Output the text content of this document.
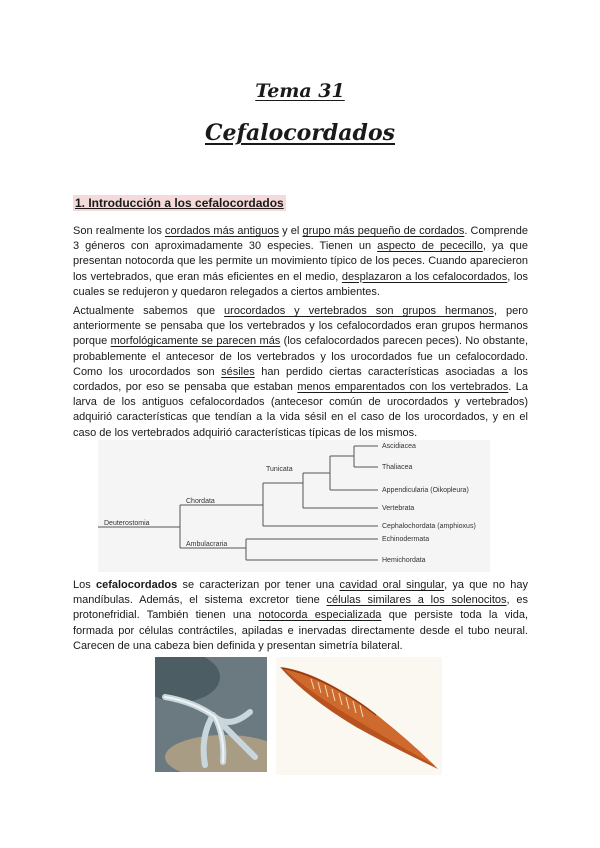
Tema 31
Cefalocordados
1. Introducción a los cefalocordados

Son realmente los cordados más antiguos y el grupo más pequeño de cordados. Comprende 3 géneros con aproximadamente 30 especies. Tienen un aspecto de pececillo, ya que presentan notocorda que les permite un movimiento típico de los peces. Cuando aparecieron los vertebrados, que eran más eficientes en el medio, desplazaron a los cefalocordados, los cuales se redujeron y quedaron relegados a ciertos ambientes.

Actualmente sabemos que urocordados y vertebrados son grupos hermanos, pero anteriormente se pensaba que los vertebrados y los cefalocordados eran grupos hermanos porque morfológicamente se parecen más (los cefalocordados parecen peces). No obstante, probablemente el antecesor de los vertebrados y los urocordados fue un cefalocordado. Como los urocordados son sésiles han perdido ciertas características asociadas a los cordados, por eso se pensaba que estaban menos emparentados con los vertebrados. La larva de los antiguos cefalocordados (antecesor común de urocordados y vertebrados) adquirió características que tendían a la vida sésil en el caso de los urocordados, y en el caso de los vertebrados adquirió características típicas de los mismos.

Deuterostomia
Chordata
Tunicata
Ambulacraria
Ascidiacea
Thaliacea
Appendicularia (Oikopleura)
Vertebrata
Cephalochordata (amphioxus)
Echinodermata
Hemichordata

Los cefalocordados se caracterizan por tener una cavidad oral singular, ya que no hay mandíbulas. Además, el sistema excretor tiene células similares a los solenocitos, es protonefridial. También tienen una notocorda especializada que persiste toda la vida, formada por células contráctiles, apiladas e inervadas directamente desde el tubo neural. Carecen de una cabeza bien definida y presentan simetría bilateral.
